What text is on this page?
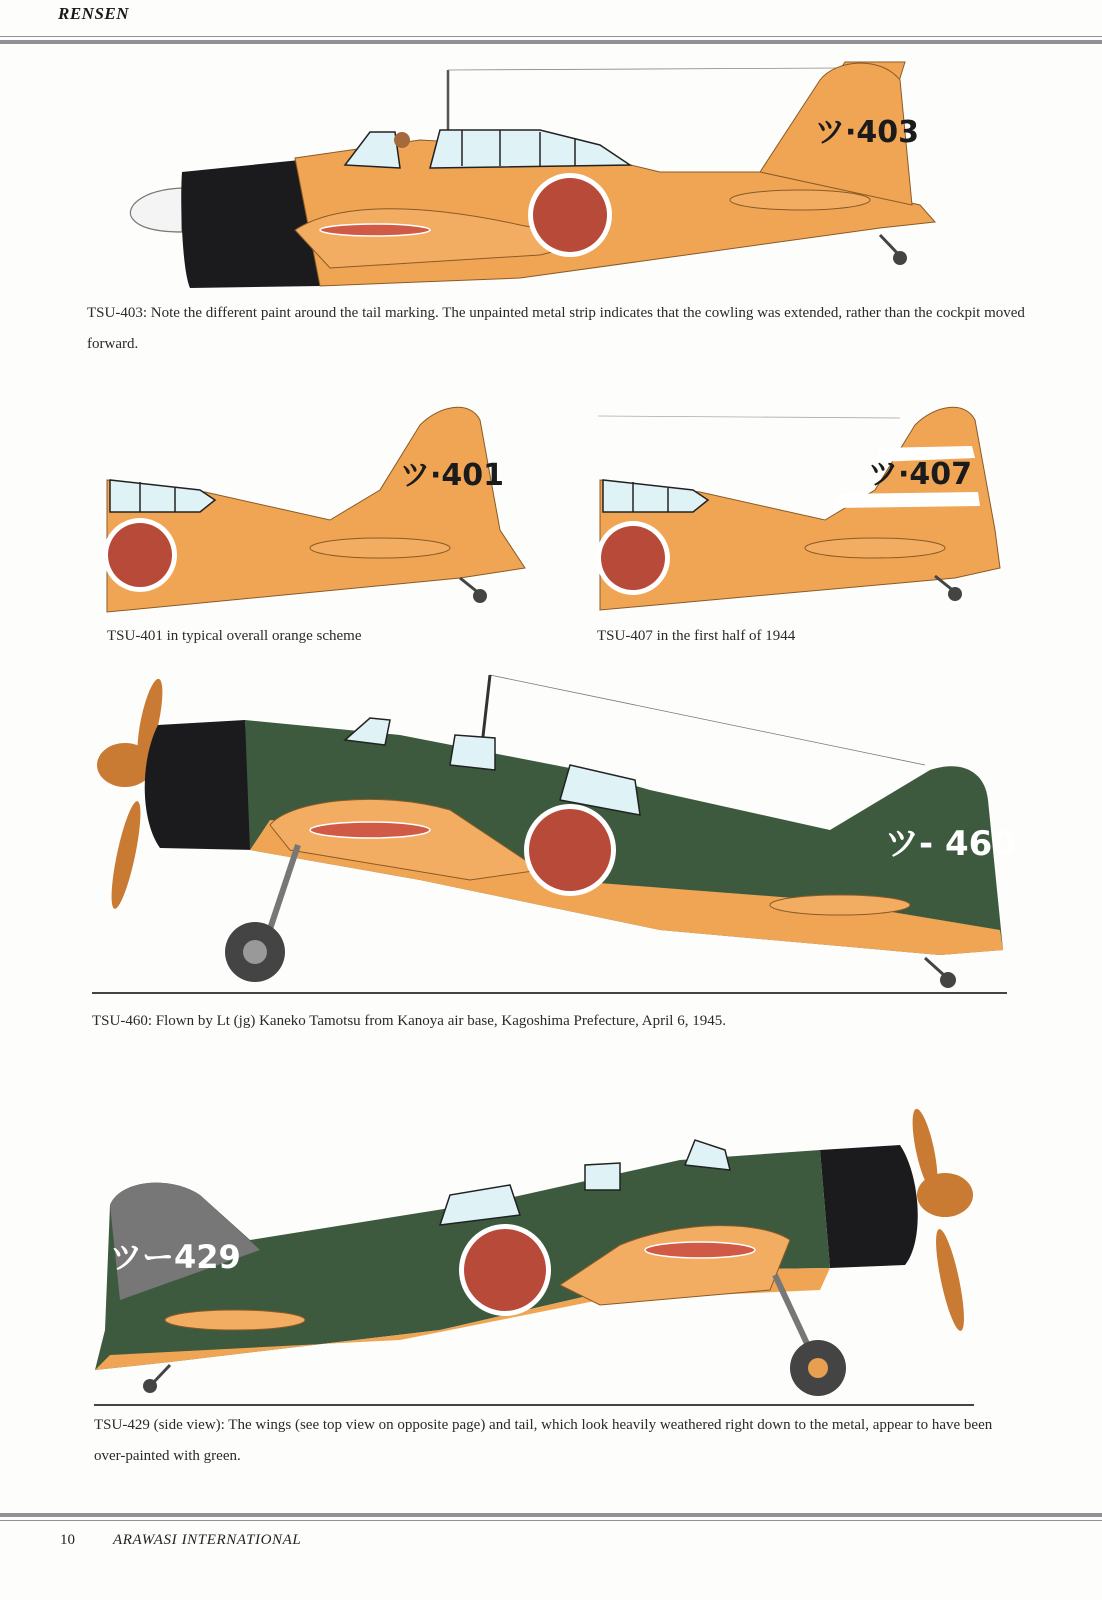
RENSEN
ツ·403
TSU-403: Note the different paint around the tail marking. The unpainted metal strip indicates that the cowling was extended, rather than the cockpit moved forward.
ツ·401
TSU-401 in typical overall orange scheme
ツ·407
TSU-407 in the first half of 1944
ツ- 460
TSU-460: Flown by Lt (jg) Kaneko Tamotsu from Kanoya air base, Kagoshima Prefecture, April 6, 1945.
ツー429
TSU-429 (side view): The wings (see top view on opposite page) and tail, which look heavily weathered right down to the metal, appear to have been over-painted with green.
10	ARAWASI INTERNATIONAL
